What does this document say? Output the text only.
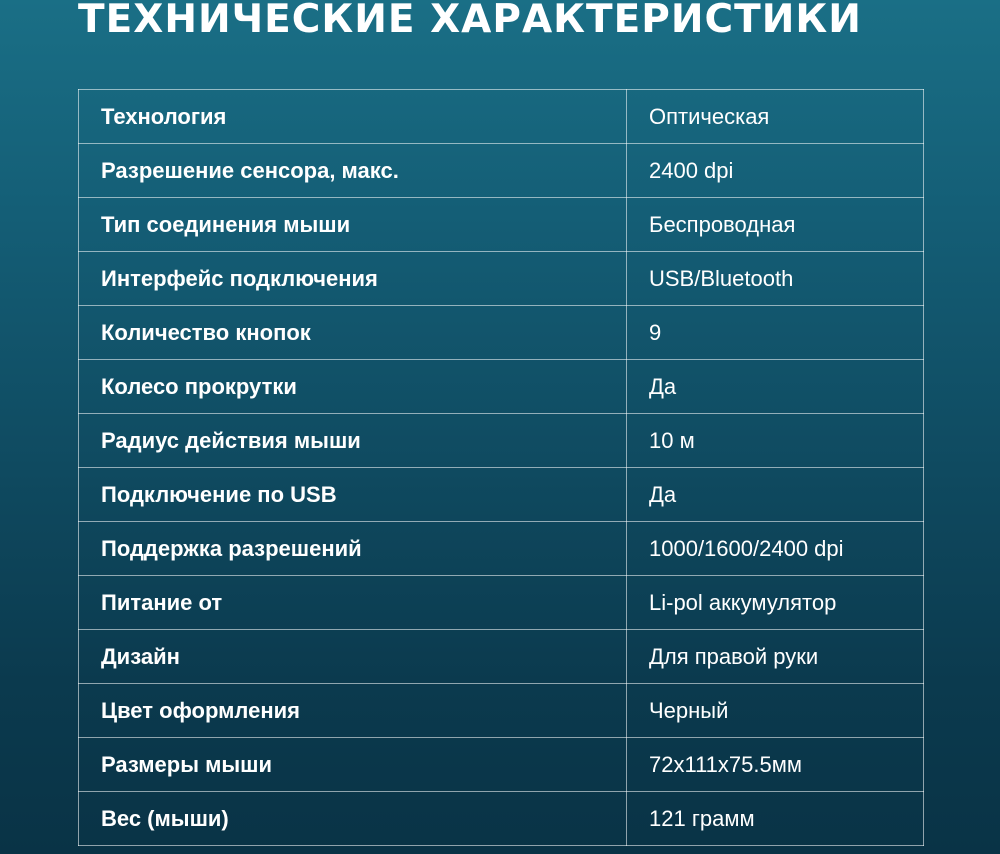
ТЕХНИЧЕСКИЕ ХАРАКТЕРИСТИКИ
Технология	Оптическая
Разрешение сенсора, макс.	2400 dpi
Тип соединения мыши	Беспроводная
Интерфейс подключения	USB/Bluetooth
Количество кнопок	9
Колесо прокрутки	Да
Радиус действия мыши	10 м
Подключение по USB	Да
Поддержка разрешений	1000/1600/2400 dpi
Питание от	Li-pol аккумулятор
Дизайн	Для правой руки
Цвет оформления	Черный
Размеры мыши	72x111x75.5мм
Вес (мыши)	121 грамм
